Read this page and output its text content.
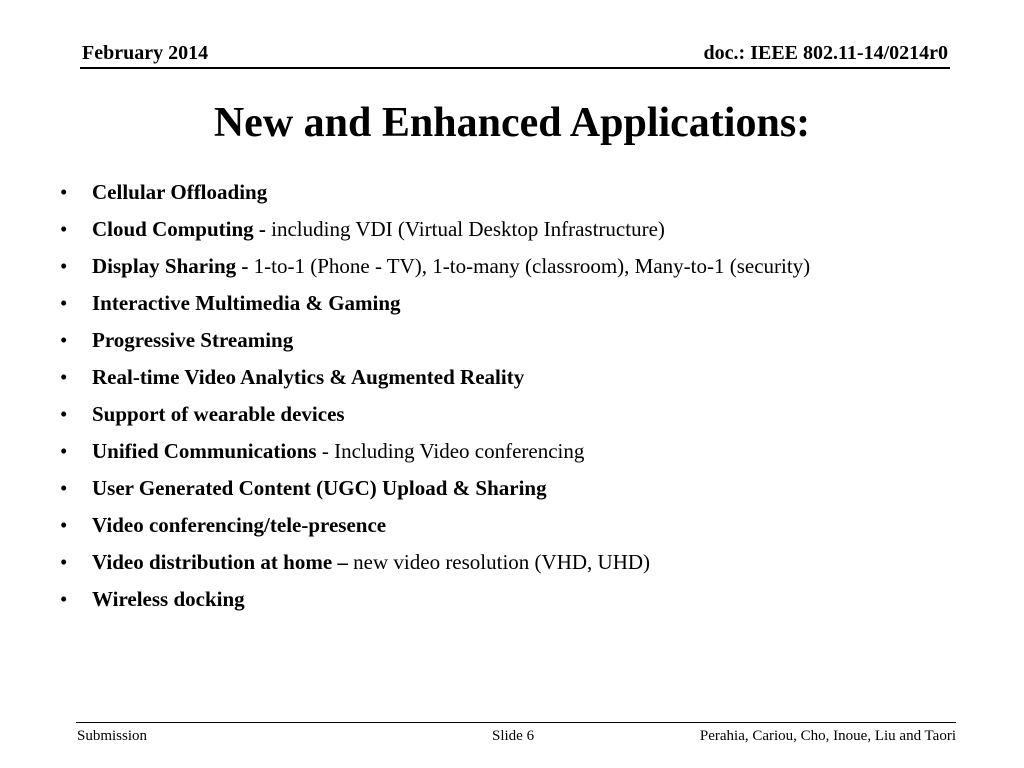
February 2014	doc.: IEEE 802.11-14/0214r0
New and Enhanced Applications:
• Cellular Offloading
• Cloud Computing - including VDI (Virtual Desktop Infrastructure)
• Display Sharing - 1-to-1 (Phone - TV), 1-to-many (classroom), Many-to-1 (security)
• Interactive Multimedia & Gaming
• Progressive Streaming
• Real-time Video Analytics & Augmented Reality
• Support of wearable devices
• Unified Communications - Including Video conferencing
• User Generated Content (UGC) Upload & Sharing
• Video conferencing/tele-presence
• Video distribution at home – new video resolution (VHD, UHD)
• Wireless docking
Submission	Slide 6	Perahia, Cariou, Cho, Inoue, Liu and Taori
